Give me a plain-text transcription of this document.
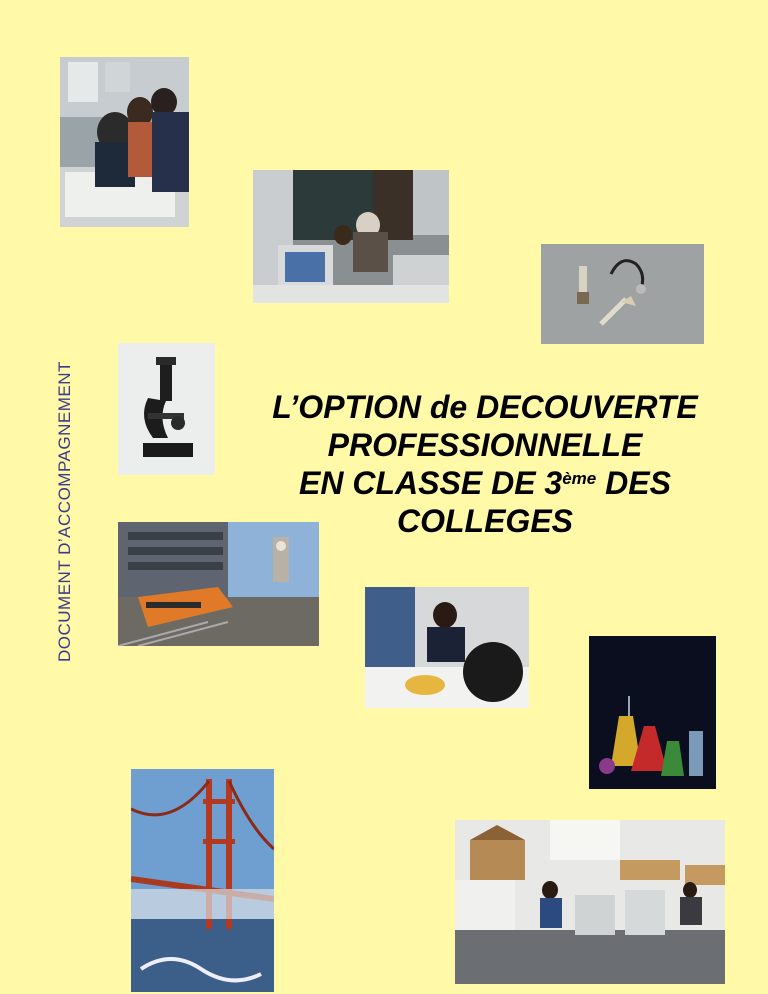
DOCUMENT D’ACCOMPAGNEMENT	L’OPTION de DECOUVERTE
PROFESSIONNELLE
EN CLASSE DE 3ème DES
COLLEGES
